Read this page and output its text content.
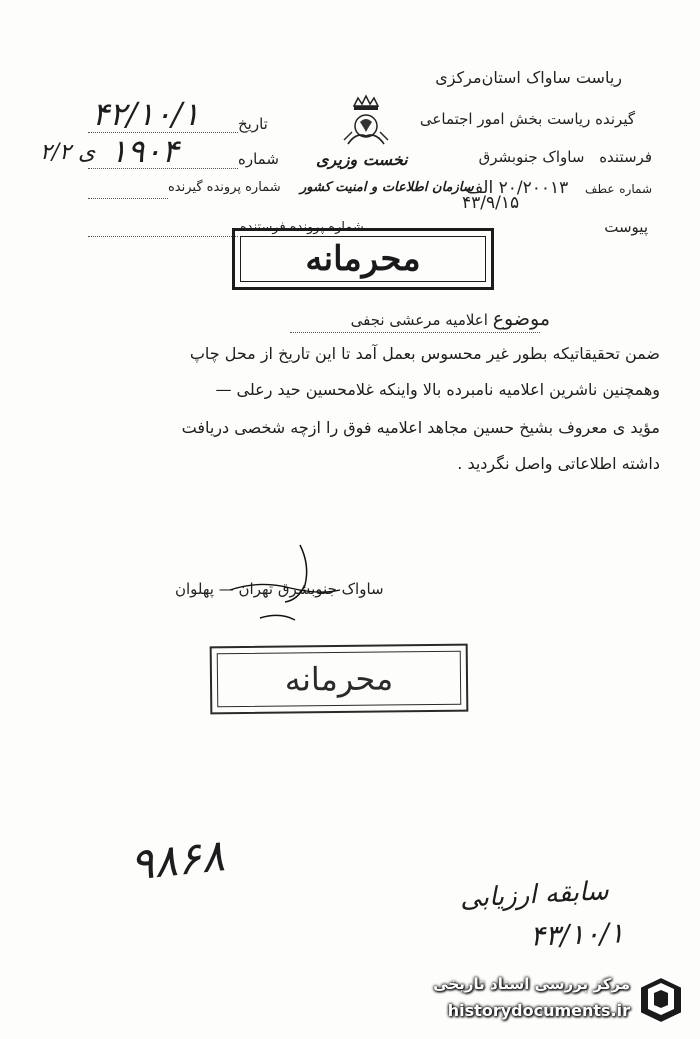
ریاست ساواک استان‌مرکزی
گیرنده ریاست بخش امور اجتماعی
نخست وزیری
سازمان اطلاعات و امنیت کشور
فرستنده ساواک جنوبشرق
شماره عطف ۲۰/۲۰۰۱۳ الف
۴۳/۹/۱۵
پیوست
تاریخ
۴۲/۱۰/۱
شماره
۱۹۰۴
ی ۲/۲
شماره پرونده گیرنده
شماره پرونده فرستنده
محرمانه
موضوع اعلامیه مرعشی نجفی
ضمن تحقیقاتیکه بطور غیر محسوس بعمل آمد تا این تاریخ از محل چاپ
وهمچنین ناشرین اعلامیه نامبرده بالا واینکه غلامحسین حید رعلی —
مؤید ی معروف بشیخ حسین مجاهد اعلامیه فوق را ازچه شخصی دریافت
داشته اطلاعاتی واصل نگردید .
ساواک جنوبشرق تهران — پهلوان
محرمانه
۹۸۶۸
سابقه ارزیابی
۴۳/۱۰/۱
مرکز بررسی اسناد تاریخی
historydocuments.ir
